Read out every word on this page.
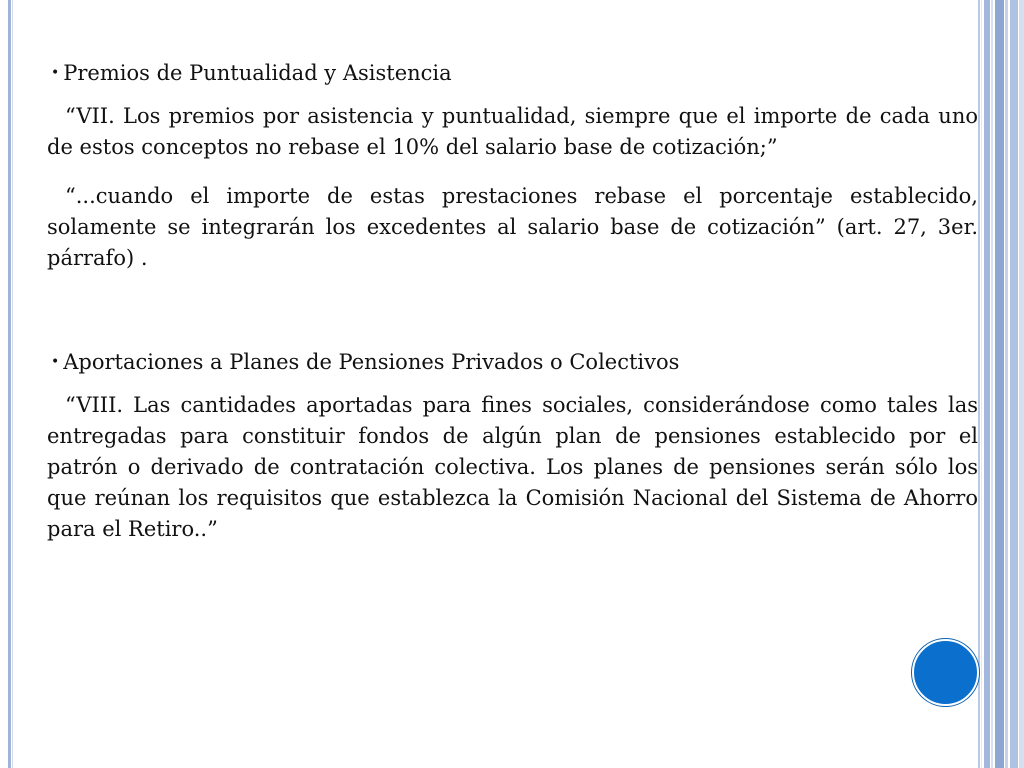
• Premios de Puntualidad y Asistencia

“VII. Los premios por asistencia y puntualidad, siempre que el importe de cada uno de estos conceptos no rebase el 10% del salario base de cotización;”

“...cuando el importe de estas prestaciones rebase el porcentaje establecido, solamente se integrarán los excedentes al salario base de cotización” (art. 27, 3er. párrafo) .

• Aportaciones a Planes de Pensiones Privados o Colectivos

“VIII. Las cantidades aportadas para fines sociales, considerándose como tales las entregadas para constituir fondos de algún plan de pensiones establecido por el patrón o derivado de contratación colectiva. Los planes de pensiones serán sólo los que reúnan los requisitos que establezca la Comisión Nacional del Sistema de Ahorro para el Retiro..”
